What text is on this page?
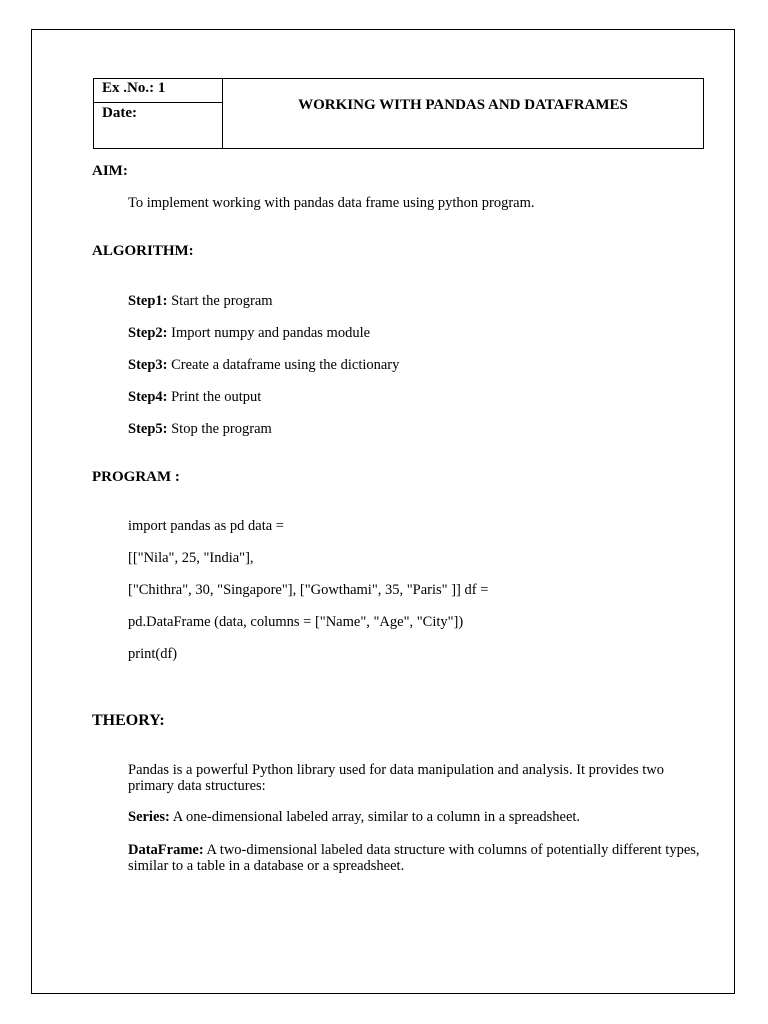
Ex .No.: 1
Date:	WORKING WITH PANDAS AND DATAFRAMES
AIM:
To implement working with pandas data frame using python program.
ALGORITHM:
Step1: Start the program
Step2: Import numpy and pandas module
Step3: Create a dataframe using the dictionary
Step4: Print the output
Step5: Stop the program
PROGRAM :
import pandas as pd data =
[["Nila", 25, "India"],
["Chithra", 30, "Singapore"], ["Gowthami", 35, "Paris" ]] df =
pd.DataFrame (data, columns = ["Name", "Age", "City"])
print(df)
THEORY:
Pandas is a powerful Python library used for data manipulation and analysis. It provides two primary data structures:
Series: A one-dimensional labeled array, similar to a column in a spreadsheet.
DataFrame: A two-dimensional labeled data structure with columns of potentially different types, similar to a table in a database or a spreadsheet.
